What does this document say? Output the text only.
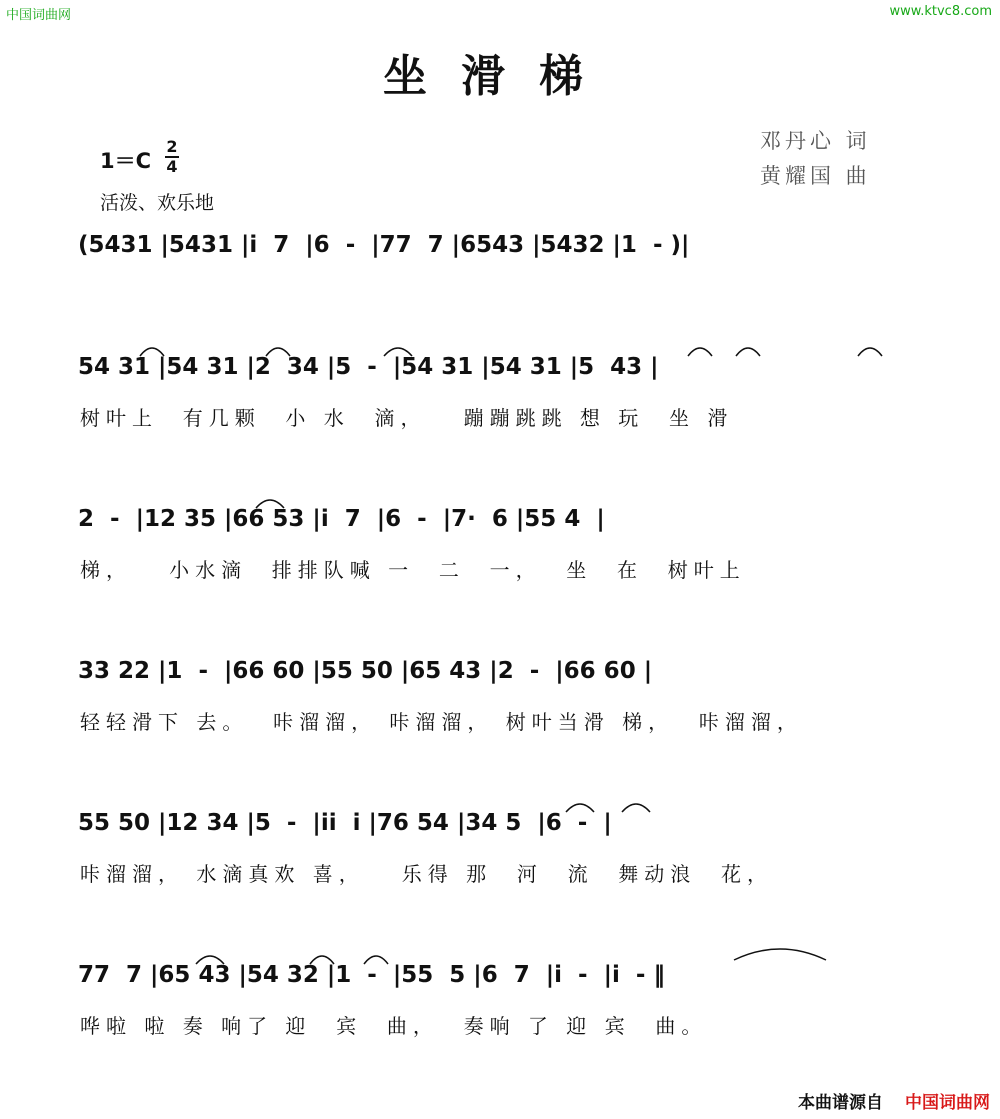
中国词曲网	www.ktvc8.com
坐滑梯
1＝C
2
4
活泼、欢乐地
邓丹心 词
黄耀国 曲
(5431 |5431 |i  7  |6  -  |77  7 |6543 |5432 |1  - )|
54 31 |54 31 |2  34 |5  -  |54 31 |54 31 |5  43 |
树叶上  有几颗  小 水  滴，   蹦蹦跳跳 想 玩  坐 滑
2  -  |12 35 |66 53 |i  7  |6  -  |7·  6 |55 4  |
梯，   小水滴  排排队喊 一  二  一，  坐  在  树叶上
33 22 |1  -  |66 60 |55 50 |65 43 |2  -  |66 60 |
轻轻滑下 去。  咔溜溜， 咔溜溜， 树叶当滑 梯，  咔溜溜，
55 50 |12 34 |5  -  |ii  i |76 54 |34 5  |6  -  |
咔溜溜， 水滴真欢 喜，   乐得 那  河  流  舞动浪  花，
77  7 |65 43 |54 32 |1  -  |55  5 |6  7  |i  -  |i  - ‖
哗啦 啦 奏 响了 迎  宾  曲，  奏响 了 迎 宾  曲。
本曲谱源自 中国词曲网
